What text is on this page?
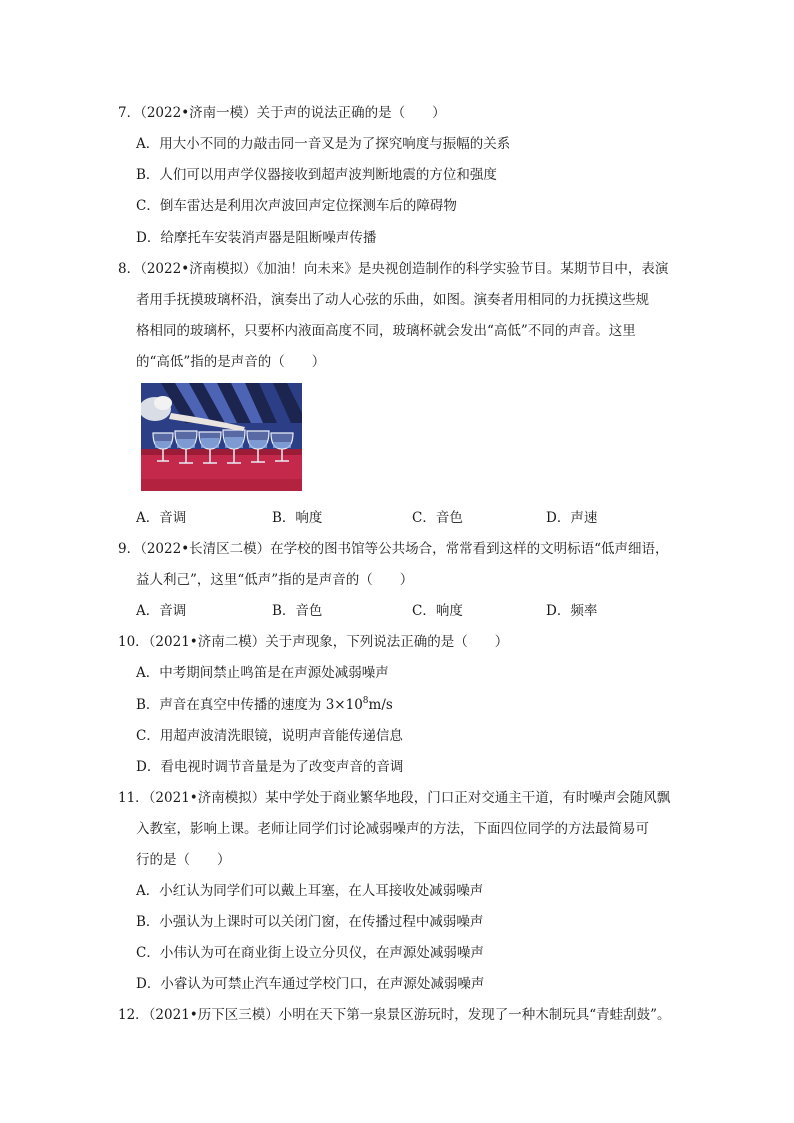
7．（2022•济南一模）关于声的说法正确的是（　　）
A．用大小不同的力敲击同一音叉是为了探究响度与振幅的关系
B．人们可以用声学仪器接收到超声波判断地震的方位和强度
C．倒车雷达是利用次声波回声定位探测车后的障碍物
D．给摩托车安装消声器是阻断噪声传播
8．（2022•济南模拟）《加油！向未来》是央视创造制作的科学实验节目。某期节目中，表演
者用手抚摸玻璃杯沿，演奏出了动人心弦的乐曲，如图。演奏者用相同的力抚摸这些规
格相同的玻璃杯，只要杯内液面高度不同，玻璃杯就会发出“高低”不同的声音。这里
的“高低”指的是声音的（　　）
A．音调	B．响度	C．音色	D．声速
9．（2022•长清区二模）在学校的图书馆等公共场合，常常看到这样的文明标语“低声细语，
益人利己”，这里“低声”指的是声音的（　　）
A．音调	B．音色	C．响度	D．频率
10．（2021•济南二模）关于声现象，下列说法正确的是（　　）
A．中考期间禁止鸣笛是在声源处减弱噪声
B．声音在真空中传播的速度为 $3\times 10^8m/s$
C．用超声波清洗眼镜，说明声音能传递信息
D．看电视时调节音量是为了改变声音的音调
11．（2021•济南模拟）某中学处于商业繁华地段，门口正对交通主干道，有时噪声会随风飘
入教室，影响上课。老师让同学们讨论减弱噪声的方法，下面四位同学的方法最简易可
行的是（　　）
A．小红认为同学们可以戴上耳塞，在人耳接收处减弱噪声
B．小强认为上课时可以关闭门窗，在传播过程中减弱噪声
C．小伟认为可在商业街上设立分贝仪，在声源处减弱噪声
D．小睿认为可禁止汽车通过学校门口，在声源处减弱噪声
12．（2021•历下区三模）小明在天下第一泉景区游玩时，发现了一种木制玩具“青蛙刮鼓”。
